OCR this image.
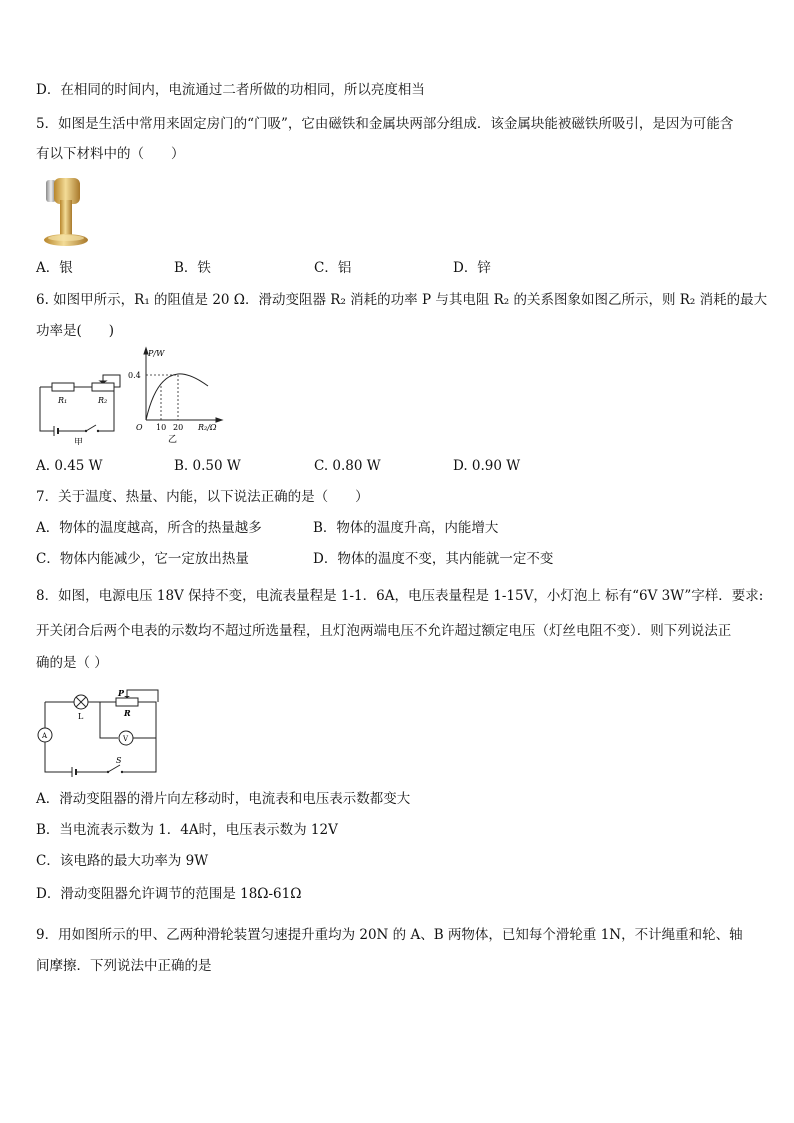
D．在相同的时间内，电流通过二者所做的功相同，所以亮度相当
5．如图是生活中常用来固定房门的“门吸”，它由磁铁和金属块两部分组成．该金属块能被磁铁所吸引，是因为可能含
有以下材料中的（　　）
A．银	B．铁	C．铝	D．锌
6. 如图甲所示，R₁ 的阻值是 20 Ω．滑动变阻器 R₂ 消耗的功率 P 与其电阻 R₂ 的关系图象如图乙所示，则 R₂ 消耗的最大
功率是(　　)
R₁	R₂
甲
P/W
0.4
O 10 20 R₂/Ω
乙
A. 0.45 W	B. 0.50 W	C. 0.80 W	D. 0.90 W
7．关于温度、热量、内能，以下说法正确的是（　　）
A．物体的温度越高，所含的热量越多	B．物体的温度升高，内能增大
C．物体内能减少，它一定放出热量	D．物体的温度不变，其内能就一定不变
8．如图，电源电压 18V 保持不变，电流表量程是 1-1．6A，电压表量程是 1-15V，小灯泡上 标有“6V 3W”字样．要求:
开关闭合后两个电表的示数均不超过所选量程，且灯泡两端电压不允许超过额定电压（灯丝电阻不变）．则下列说法正
确的是（ ）
P
R
L
A	V
S
A．滑动变阻器的滑片向左移动时，电流表和电压表示数都变大
B．当电流表示数为 1．4A时，电压表示数为 12V
C．该电路的最大功率为 9W
D．滑动变阻器允许调节的范围是 18Ω-61Ω
9．用如图所示的甲、乙两种滑轮装置匀速提升重均为 20N 的 A、B 两物体，已知每个滑轮重 1N，不计绳重和轮、轴
间摩擦．下列说法中正确的是
